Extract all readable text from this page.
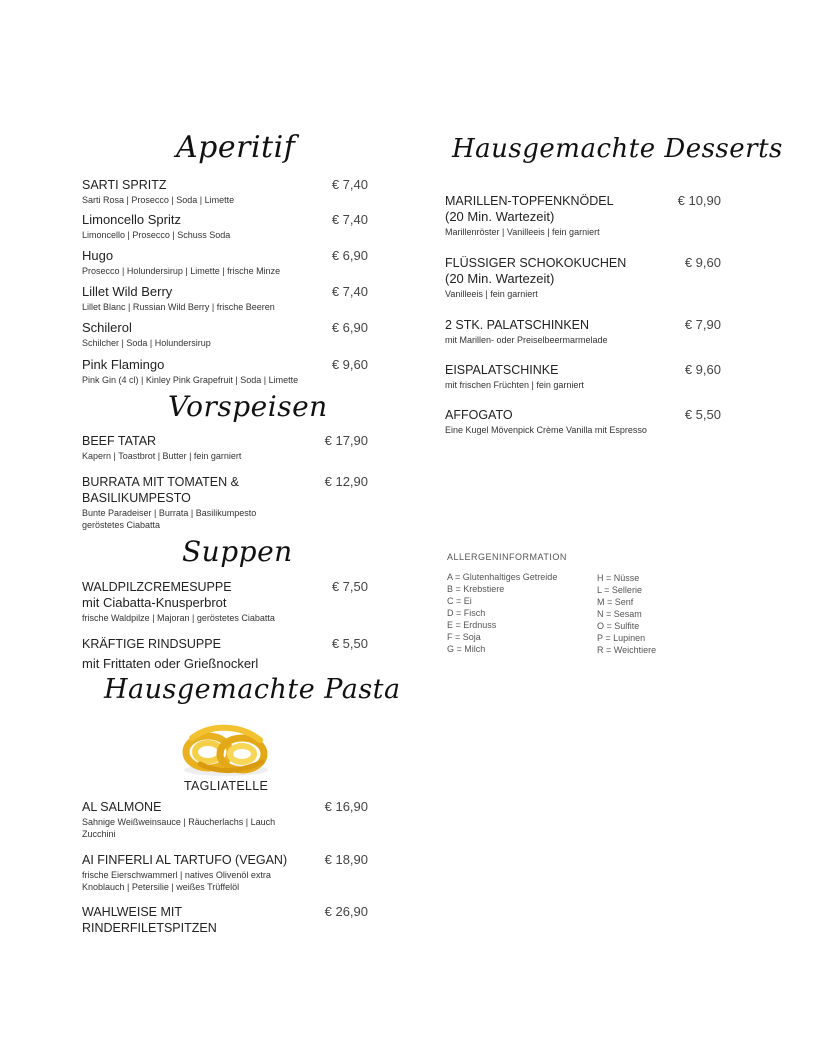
Aperitif
SARTI SPRITZ	€ 7,40
Sarti Rosa | Prosecco | Soda | Limette
Limoncello Spritz	€ 7,40
Limoncello | Prosecco | Schuss Soda
Hugo	€ 6,90
Prosecco | Holundersirup | Limette | frische Minze
Lillet Wild Berry	€ 7,40
Lillet Blanc | Russian Wild Berry | frische Beeren
Schilerol	€ 6,90
Schilcher | Soda | Holundersirup
Pink Flamingo	€ 9,60
Pink Gin (4 cl) | Kinley Pink Grapefruit | Soda | Limette
Vorspeisen
BEEF TATAR	€ 17,90
Kapern | Toastbrot | Butter | fein garniert
BURRATA MIT TOMATEN &	€ 12,90
BASILIKUMPESTO
Bunte Paradeiser | Burrata | Basilikumpesto
geröstetes Ciabatta
Suppen
WALDPILZCREMESUPPE	€ 7,50
mit Ciabatta-Knusperbrot
frische Waldpilze | Majoran | geröstetes Ciabatta
KRÄFTIGE RINDSUPPE	€ 5,50
mit Frittaten oder Grießnockerl
Hausgemachte Pasta
TAGLIATELLE
AL SALMONE	€ 16,90
Sahnige Weißweinsauce | Räucherlachs | Lauch
Zucchini
AI FINFERLI AL TARTUFO (VEGAN)	€ 18,90
frische Eierschwammerl | natives Olivenöl extra
Knoblauch | Petersilie | weißes Trüffelöl
WAHLWEISE MIT	€ 26,90
RINDERFILETSPITZEN
Hausgemachte Desserts
MARILLEN-TOPFENKNÖDEL	€ 10,90
(20 Min. Wartezeit)
Marillenröster | Vanilleeis | fein garniert
FLÜSSIGER SCHOKOKUCHEN	€ 9,60
(20 Min. Wartezeit)
Vanilleeis | fein garniert
2 STK. PALATSCHINKEN	€ 7,90
mit Marillen- oder Preiselbeermarmelade
EISPALATSCHINKE	€ 9,60
mit frischen Früchten | fein garniert
AFFOGATO	€ 5,50
Eine Kugel Mövenpick Crème Vanilla mit Espresso
ALLERGENINFORMATION
A = Glutenhaltiges Getreide
B = Krebstiere
C = Ei
D = Fisch
E = Erdnuss
F = Soja
G = Milch
H = Nüsse
L = Sellerie
M = Senf
N = Sesam
O = Sulfite
P = Lupinen
R = Weichtiere
